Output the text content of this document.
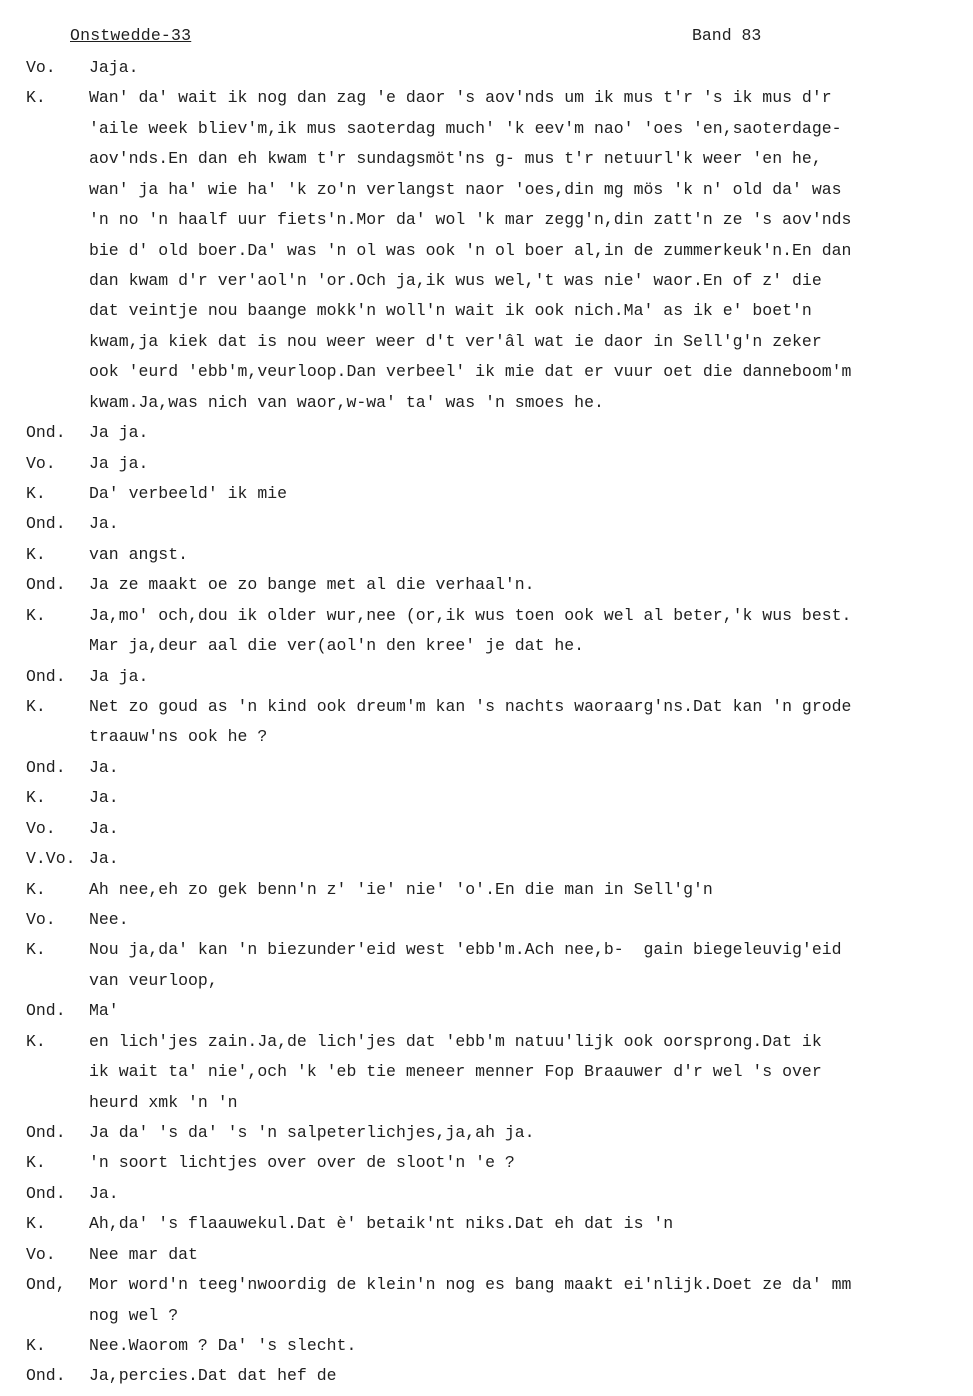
Onstwedde-33	Band 83
Vo. Jaja.
K.	Wan' da' wait ik nog dan zag 'e daor 's aov'nds um ik mus t'r 's ik mus d'r
'aile week bliev'm,ik mus saoterdag much' 'k eev'm nao' 'oes 'en,saoterdage-
aov'nds.En dan eh kwam t'r sundagsmöt'ns g- mus t'r netuurl'k weer 'en he,
wan' ja ha' wie ha' 'k zo'n verlangst naor 'oes,din mg mös 'k n' old da' was
'n no 'n haalf uur fiets'n.Mor da' wol 'k mar zegg'n,din zatt'n ze 's aov'nds
bie d' old boer.Da' was 'n ol was ook 'n ol boer al,in de zummerkeuk'n.En dan
dan kwam d'r ver'aol'n 'or.Och ja,ik wus wel,'t was nie' waor.En of z' die
dat veintje nou baange mokk'n woll'n wait ik ook nich.Ma' as ik e' boet'n
kwam,ja kiek dat is nou weer weer d't ver'âl wat ie daor in Sell'g'n zeker
ook 'eurd 'ebb'm,veurloop.Dan verbeel' ik mie dat er vuur oet die danneboom'm
kwam.Ja,was nich van waor,w-wa' ta' was 'n smoes he.
Ond. Ja ja.
Vo. Ja ja.
K.	Da' verbeeld' ik mie
Ond. Ja.
K.	van angst.
Ond. Ja ze maakt oe zo bange met al die verhaal'n.
K.	Ja,mo' och,dou ik older wur,nee (or,ik wus toen ook wel al beter,'k wus best.
Mar ja,deur aal die ver(aol'n den kree' je dat he.
Ond. Ja ja.
K.	Net zo goud as 'n kind ook dreum'm kan 's nachts waoraarg'ns.Dat kan 'n grode
traauw'ns ook he ?
Ond. Ja.
K.	Ja.
Vo. Ja.
V.Vo. Ja.
K.	Ah nee,eh zo gek benn'n z' 'ie' nie' 'o'.En die man in Sell'g'n
Vo. Nee.
K.	Nou ja,da' kan 'n biezunder'eid west 'ebb'm.Ach nee,b-  gain biegeleuvig'eid
van veurloop,
Ond. Ma'
K.	en lich'jes zain.Ja,de lich'jes dat 'ebb'm natuu'lijk ook oorsprong.Dat ik
ik wait ta' nie',och 'k 'eb tie meneer menner Fop Braauwer d'r wel 's over
heurd xmk 'n 'n
Ond. Ja da' 's da' 's 'n salpeterlichjes,ja,ah ja.
K.	'n soort lichtjes over over de sloot'n 'e ?
Ond. Ja.
K.	Ah,da' 's flaauwekul.Dat è' betaik'nt niks.Dat eh dat is 'n
Vo. Nee mar dat
Ond, Mor word'n teeg'nwoordig de klein'n nog es bang maakt ei'nlijk.Doet ze da' mm
nog wel ?
K.	Nee.Waorom ? Da' 's slecht.
Ond. Ja,percies.Dat dat hef de
